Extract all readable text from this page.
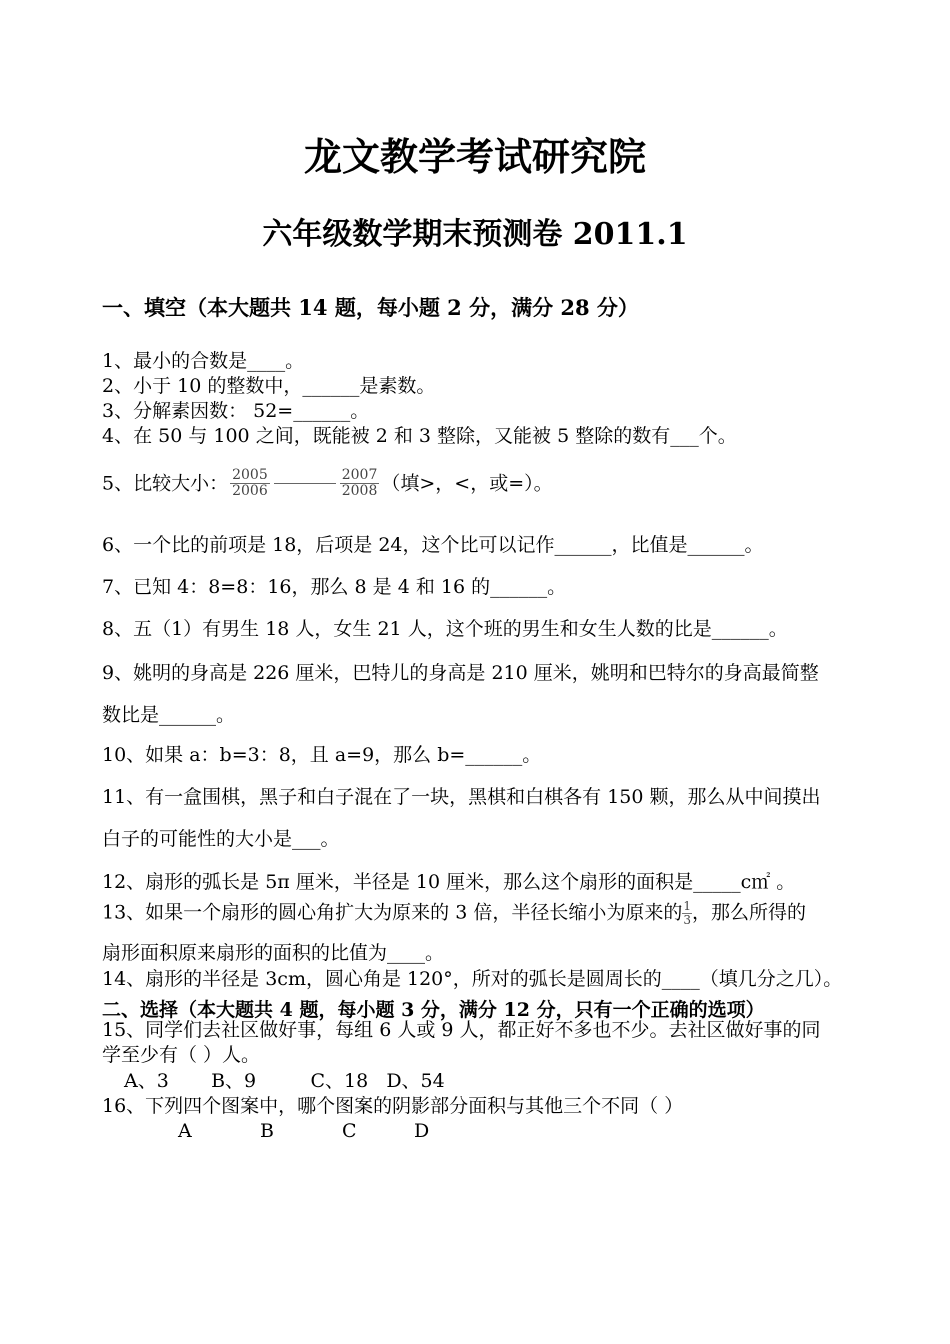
龙文教学考试研究院
六年级数学期末预测卷 2011.1
一、填空（本大题共 14 题，每小题 2 分，满分 28 分）
1、最小的合数是____。
2、小于 10 的整数中，______是素数。
3、分解素因数： 52=______。
4、在 50 与 100 之间，既能被 2 和 3 整除，又能被 5 整除的数有___个。
5、比较大小： $\frac{2005}{2006}$	$\frac{2007}{2008}$ （填>，<，或=）。
6、一个比的前项是 18，后项是 24，这个比可以记作______，比值是______。
7、已知 4：8=8：16，那么 8 是 4 和 16 的______。
8、五（1）有男生 18 人，女生 21 人，这个班的男生和女生人数的比是______。
9、姚明的身高是 226 厘米，巴特儿的身高是 210 厘米，姚明和巴特尔的身高最简整
数比是______。
10、如果 a：b=3：8，且 a=9，那么 b=______。
11、有一盒围棋，黑子和白子混在了一块，黑棋和白棋各有 150 颗，那么从中间摸出
白子的可能性的大小是___。
12、扇形的弧长是 5π 厘米，半径是 10 厘米，那么这个扇形的面积是_____c㎡ 。
13、如果一个扇形的圆心角扩大为原来的 3 倍，半径长缩小为原来的 $\frac{1}{3}$ ，那么所得的
扇形面积原来扇形的面积的比值为____。
14、扇形的半径是 3cm，圆心角是 120°，所对的弧长是圆周长的____（填几分之几）。
二、选择（本大题共 4 题，每小题 3 分，满分 12 分，只有一个正确的选项）
15、同学们去社区做好事，每组 6 人或 9 人，都正好不多也不少。去社区做好事的同
学至少有（ ）人。
A、3       B、9         C、18   D、54
16、下列四个图案中，哪个图案的阴影部分面积与其他三个不同（ ）
A	B	C	D
